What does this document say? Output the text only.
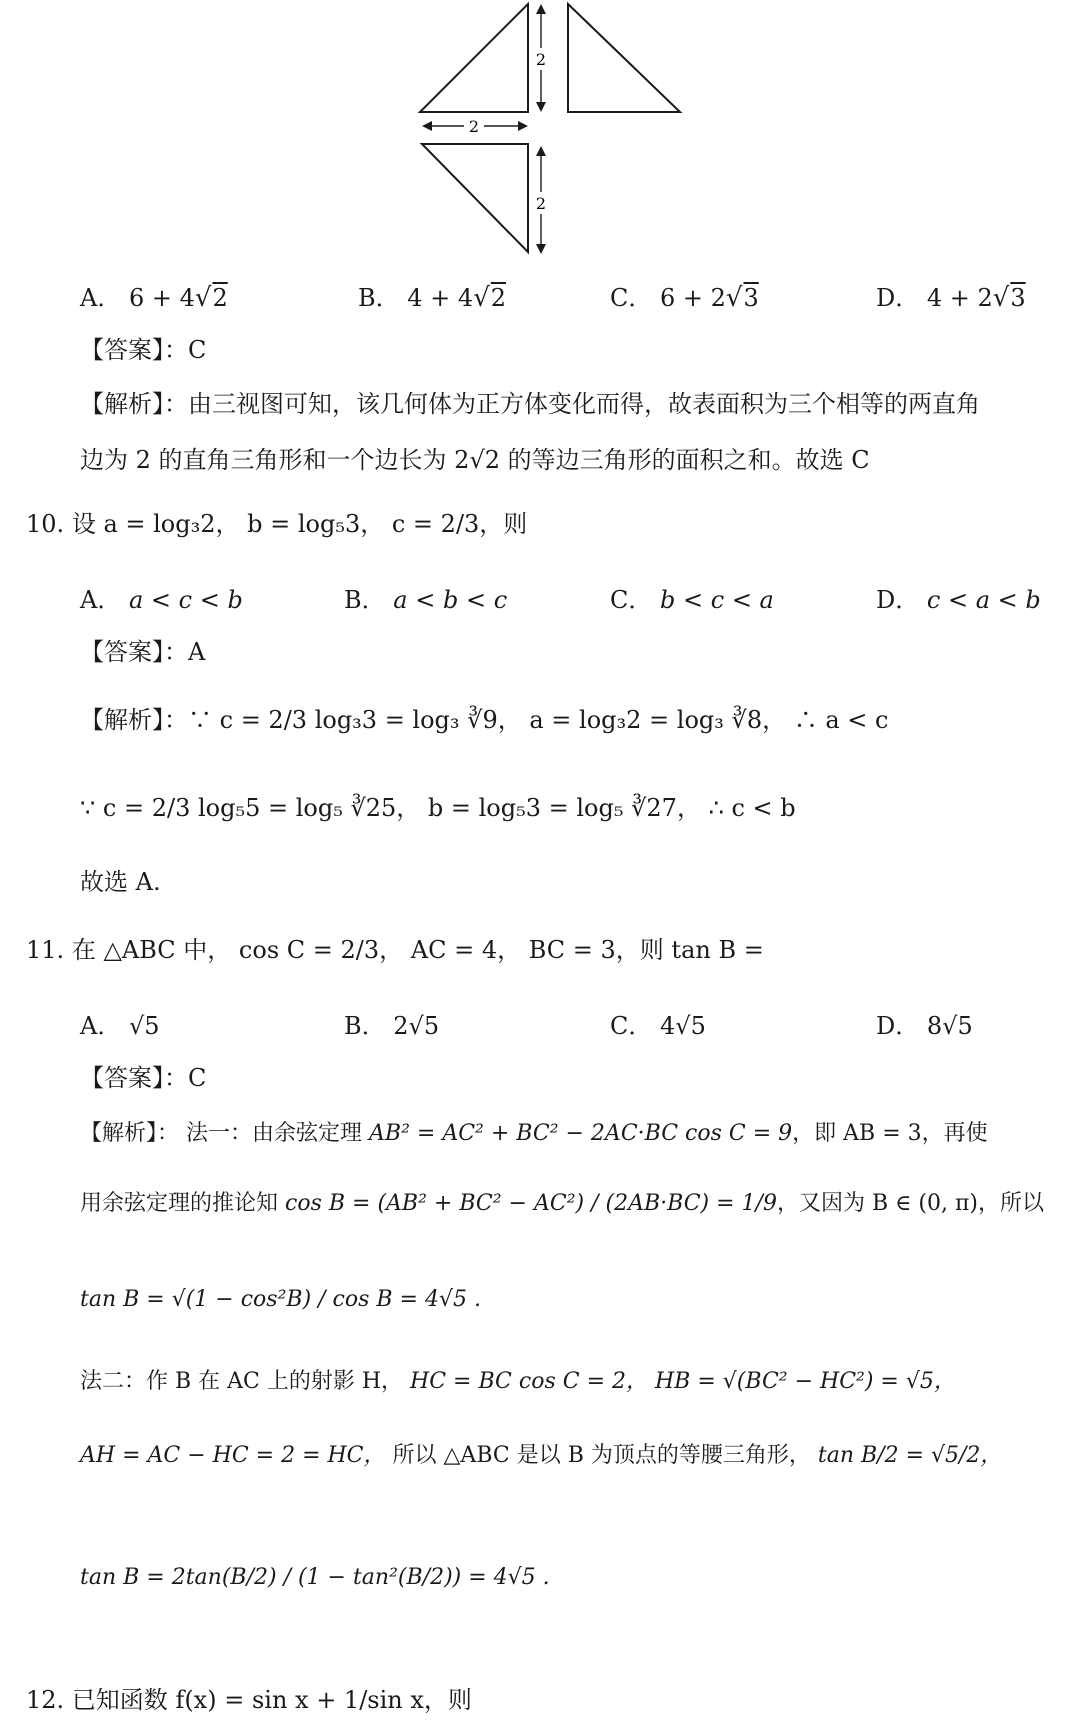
2
2
2
A． 6 + 4√2	B． 4 + 4√2	C． 6 + 2√3	D． 4 + 2√3
【答案】：C
【解析】：由三视图可知，该几何体为正方体变化而得，故表面积为三个相等的两直角
边为 2 的直角三角形和一个边长为 2√2 的等边三角形的面积之和。故选 C
10. 设 a = log₃2， b = log₅3， c = 2/3，则
A． a < c < b	B． a < b < c	C． b < c < a	D． c < a < b
【答案】：A
【解析】：∵ c = 2/3 log₃3 = log₃ ∛9， a = log₃2 = log₃ ∛8， ∴ a < c
∵ c = 2/3 log₅5 = log₅ ∛25， b = log₅3 = log₅ ∛27， ∴ c < b
故选 A.
11. 在 △ABC 中， cos C = 2/3， AC = 4， BC = 3，则 tan B =
A． √5	B． 2√5	C． 4√5	D． 8√5
【答案】：C
【解析】： 法一：由余弦定理 AB² = AC² + BC² − 2AC·BC cos C = 9，即 AB = 3，再使
用余弦定理的推论知 cos B = (AB² + BC² − AC²) / (2AB·BC) = 1/9，又因为 B ∈ (0, π)，所以
tan B = √(1 − cos²B) / cos B = 4√5 .
法二：作 B 在 AC 上的射影 H， HC = BC cos C = 2， HB = √(BC² − HC²) = √5，
AH = AC − HC = 2 = HC， 所以 △ABC 是以 B 为顶点的等腰三角形， tan B/2 = √5/2，
tan B = 2tan(B/2) / (1 − tan²(B/2)) = 4√5 .
12. 已知函数 f(x) = sin x + 1/sin x，则
